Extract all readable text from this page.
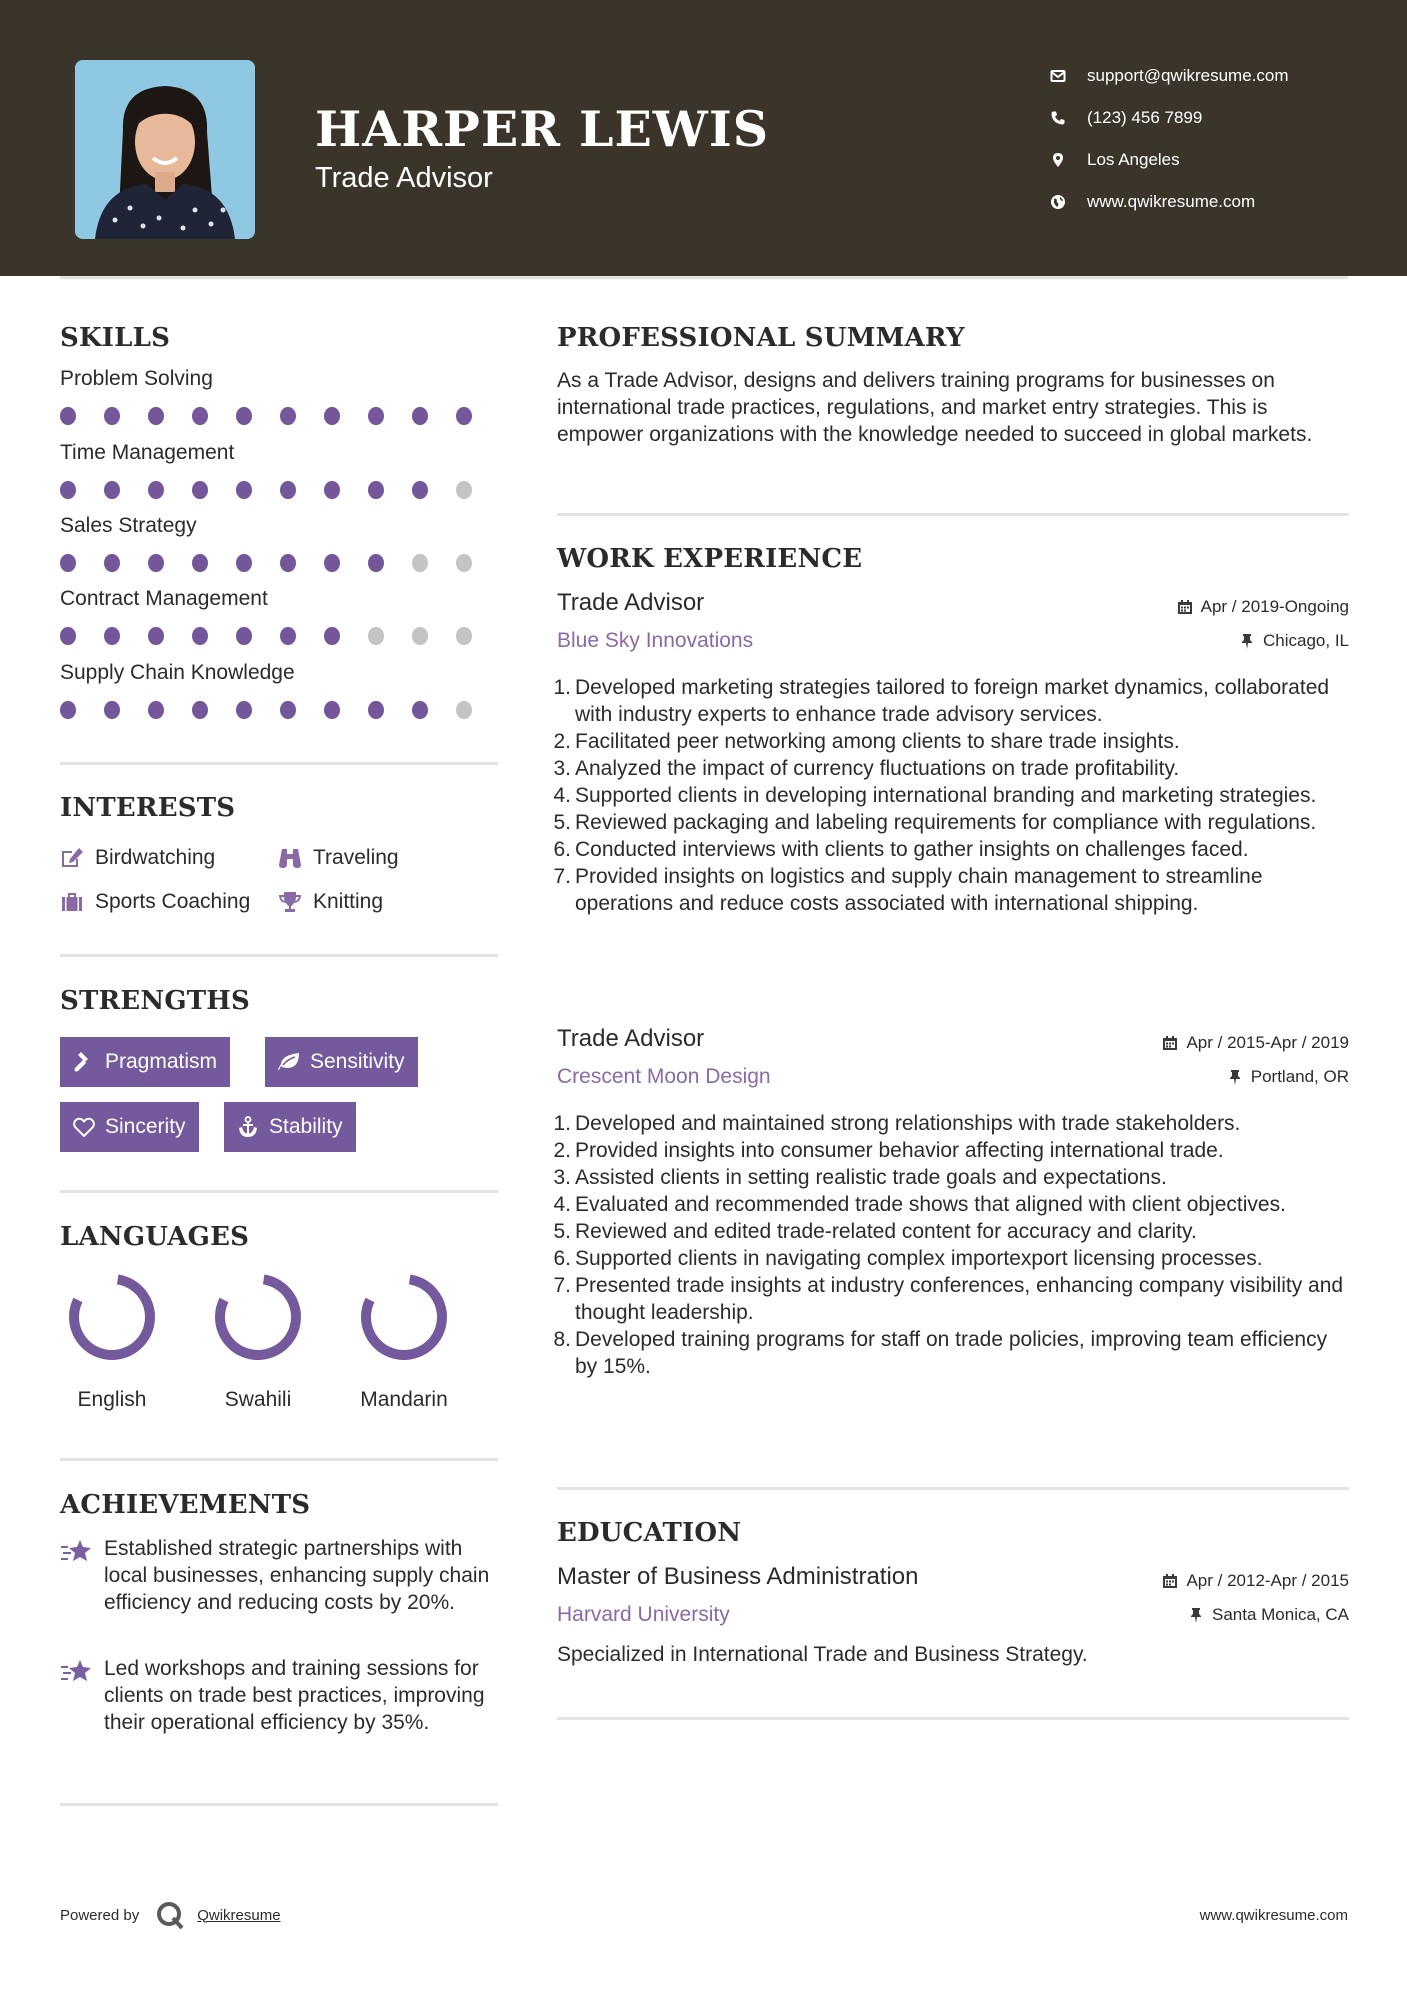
HARPER LEWIS
Trade Advisor
support@qwikresume.com
(123) 456 7899
Los Angeles
www.qwikresume.com
SKILLS
Problem Solving
Time Management
Sales Strategy
Contract Management
Supply Chain Knowledge
INTERESTS
Birdwatching	Traveling
Sports Coaching	Knitting
STRENGTHS
Pragmatism	Sensitivity
Sincerity	Stability
LANGUAGES
English	Swahili	Mandarin
ACHIEVEMENTS
Established strategic partnerships with local businesses, enhancing supply chain efficiency and reducing costs by 20%.
Led workshops and training sessions for clients on trade best practices, improving their operational efficiency by 35%.
PROFESSIONAL SUMMARY
As a Trade Advisor, designs and delivers training programs for businesses on international trade practices, regulations, and market entry strategies. This is empower organizations with the knowledge needed to succeed in global markets.
WORK EXPERIENCE
Trade Advisor	Apr / 2019-Ongoing
Blue Sky Innovations	Chicago, IL
1. Developed marketing strategies tailored to foreign market dynamics, collaborated with industry experts to enhance trade advisory services.
2. Facilitated peer networking among clients to share trade insights.
3. Analyzed the impact of currency fluctuations on trade profitability.
4. Supported clients in developing international branding and marketing strategies.
5. Reviewed packaging and labeling requirements for compliance with regulations.
6. Conducted interviews with clients to gather insights on challenges faced.
7. Provided insights on logistics and supply chain management to streamline operations and reduce costs associated with international shipping.
Trade Advisor	Apr / 2015-Apr / 2019
Crescent Moon Design	Portland, OR
1. Developed and maintained strong relationships with trade stakeholders.
2. Provided insights into consumer behavior affecting international trade.
3. Assisted clients in setting realistic trade goals and expectations.
4. Evaluated and recommended trade shows that aligned with client objectives.
5. Reviewed and edited trade-related content for accuracy and clarity.
6. Supported clients in navigating complex importexport licensing processes.
7. Presented trade insights at industry conferences, enhancing company visibility and thought leadership.
8. Developed training programs for staff on trade policies, improving team efficiency by 15%.
EDUCATION
Master of Business Administration	Apr / 2012-Apr / 2015
Harvard University	Santa Monica, CA
Specialized in International Trade and Business Strategy.
Powered by	Qwikresume	www.qwikresume.com
